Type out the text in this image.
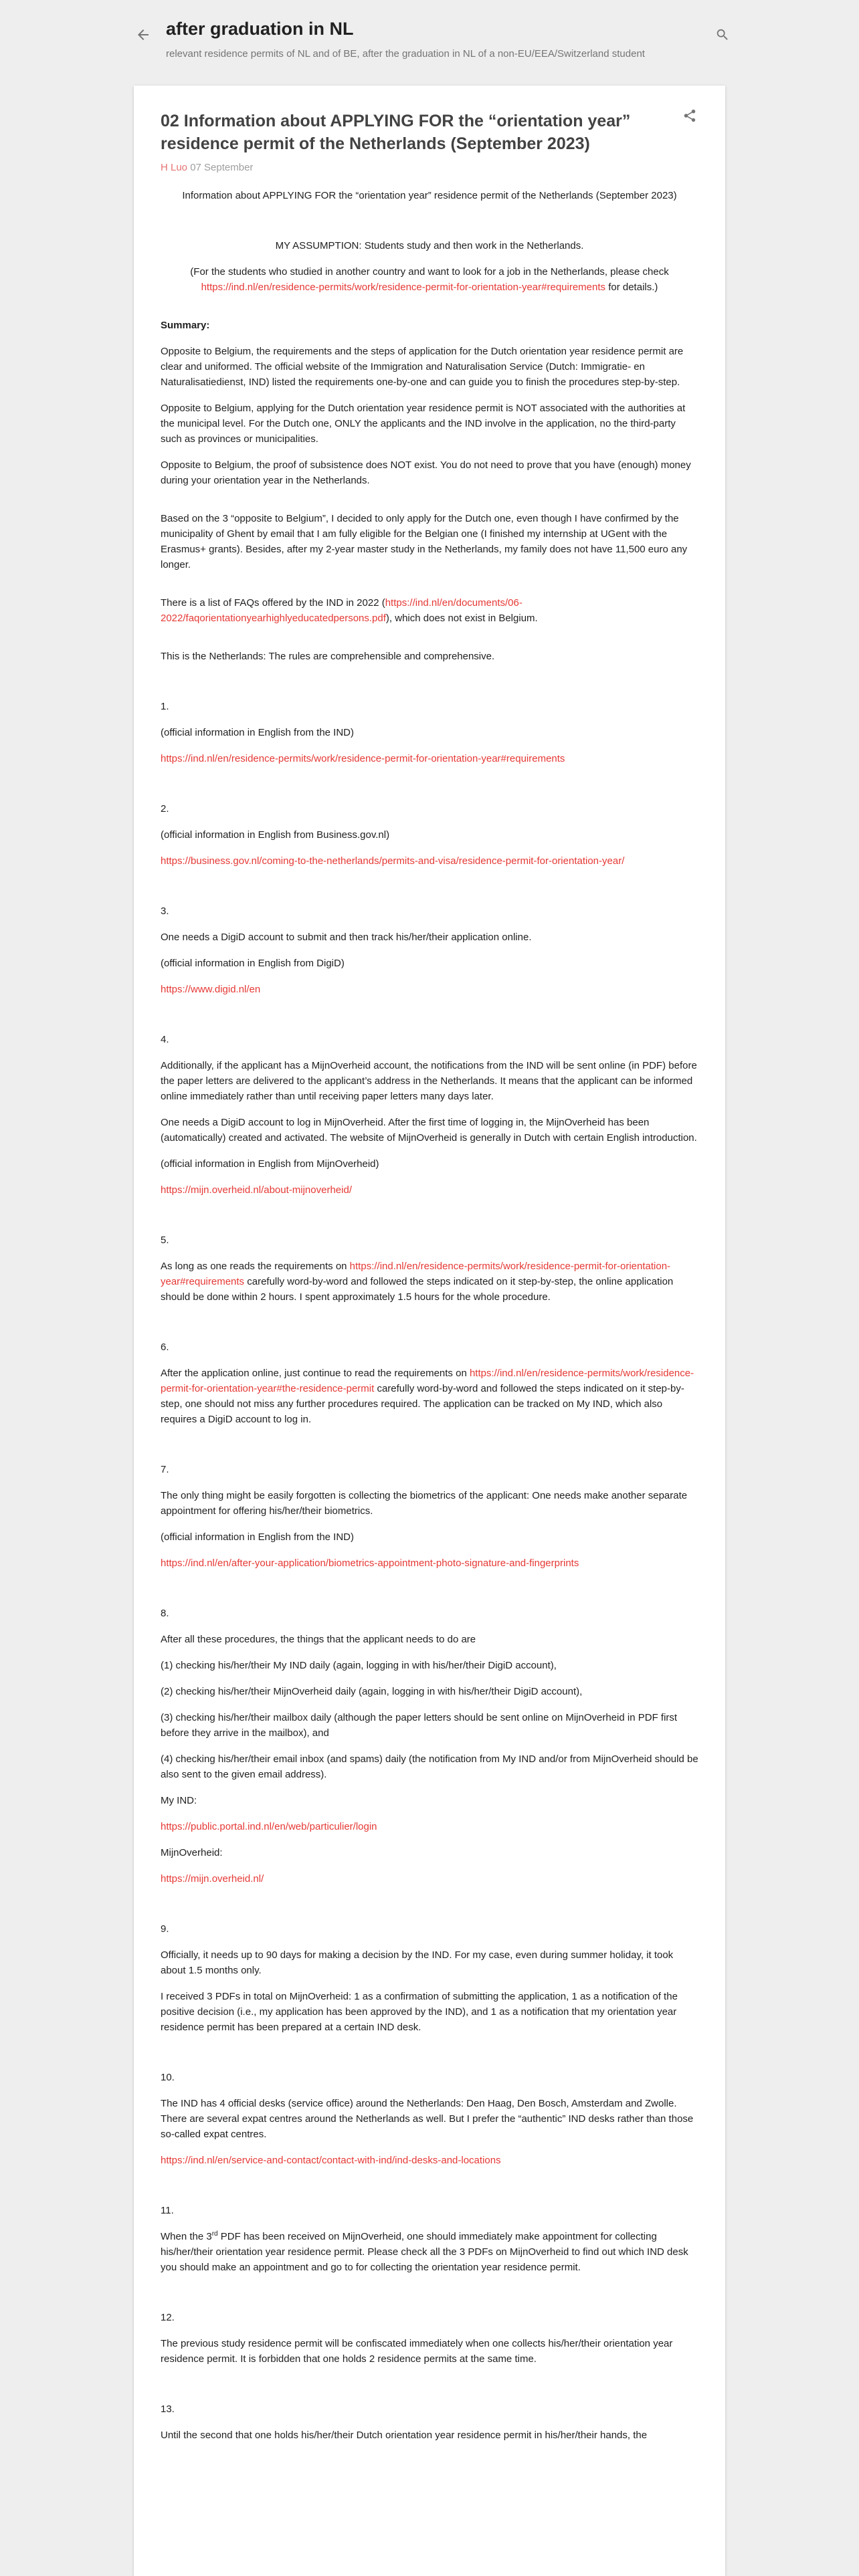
after graduation in NL
relevant residence permits of NL and of BE, after the graduation in NL of a non-EU/EEA/Switzerland student
02 Information about APPLYING FOR the “orientation year” residence permit of the Netherlands (September 2023)
H Luo 07 September

Information about APPLYING FOR the “orientation year” residence permit of the Netherlands (September 2023)

MY ASSUMPTION: Students study and then work in the Netherlands.

(For the students who studied in another country and want to look for a job in the Netherlands, please check https://ind.nl/en/residence-permits/work/residence-permit-for-orientation-year#requirements for details.)

Summary:

Opposite to Belgium, the requirements and the steps of application for the Dutch orientation year residence permit are clear and uniformed. The official website of the Immigration and Naturalisation Service (Dutch: Immigratie- en Naturalisatiedienst, IND) listed the requirements one-by-one and can guide you to finish the procedures step-by-step.

Opposite to Belgium, applying for the Dutch orientation year residence permit is NOT associated with the authorities at the municipal level. For the Dutch one, ONLY the applicants and the IND involve in the application, no the third-party such as provinces or municipalities.

Opposite to Belgium, the proof of subsistence does NOT exist. You do not need to prove that you have (enough) money during your orientation year in the Netherlands.

Based on the 3 “opposite to Belgium”, I decided to only apply for the Dutch one, even though I have confirmed by the municipality of Ghent by email that I am fully eligible for the Belgian one (I finished my internship at UGent with the Erasmus+ grants). Besides, after my 2-year master study in the Netherlands, my family does not have 11,500 euro any longer.

There is a list of FAQs offered by the IND in 2022 (https://ind.nl/en/documents/06-2022/faqorientationyearhighlyeducatedpersons.pdf), which does not exist in Belgium.

This is the Netherlands: The rules are comprehensible and comprehensive.

1.

(official information in English from the IND)

https://ind.nl/en/residence-permits/work/residence-permit-for-orientation-year#requirements

2.

(official information in English from Business.gov.nl)

https://business.gov.nl/coming-to-the-netherlands/permits-and-visa/residence-permit-for-orientation-year/

3.

One needs a DigiD account to submit and then track his/her/their application online.

(official information in English from DigiD)

https://www.digid.nl/en

4.

Additionally, if the applicant has a MijnOverheid account, the notifications from the IND will be sent online (in PDF) before the paper letters are delivered to the applicant’s address in the Netherlands. It means that the applicant can be informed online immediately rather than until receiving paper letters many days later.

One needs a DigiD account to log in MijnOverheid. After the first time of logging in, the MijnOverheid has been (automatically) created and activated. The website of MijnOverheid is generally in Dutch with certain English introduction.

(official information in English from MijnOverheid)

https://mijn.overheid.nl/about-mijnoverheid/

5.

As long as one reads the requirements on https://ind.nl/en/residence-permits/work/residence-permit-for-orientation-year#requirements carefully word-by-word and followed the steps indicated on it step-by-step, the online application should be done within 2 hours. I spent approximately 1.5 hours for the whole procedure.

6.

After the application online, just continue to read the requirements on https://ind.nl/en/residence-permits/work/residence-permit-for-orientation-year#the-residence-permit carefully word-by-word and followed the steps indicated on it step-by-step, one should not miss any further procedures required. The application can be tracked on My IND, which also requires a DigiD account to log in.

7.

The only thing might be easily forgotten is collecting the biometrics of the applicant: One needs make another separate appointment for offering his/her/their biometrics.

(official information in English from the IND)

https://ind.nl/en/after-your-application/biometrics-appointment-photo-signature-and-fingerprints

8.

After all these procedures, the things that the applicant needs to do are

(1) checking his/her/their My IND daily (again, logging in with his/her/their DigiD account),

(2) checking his/her/their MijnOverheid daily (again, logging in with his/her/their DigiD account),

(3) checking his/her/their mailbox daily (although the paper letters should be sent online on MijnOverheid in PDF first before they arrive in the mailbox), and

(4) checking his/her/their email inbox (and spams) daily (the notification from My IND and/or from MijnOverheid should be also sent to the given email address).

My IND:

https://public.portal.ind.nl/en/web/particulier/login

MijnOverheid:

https://mijn.overheid.nl/

9.

Officially, it needs up to 90 days for making a decision by the IND. For my case, even during summer holiday, it took about 1.5 months only.

I received 3 PDFs in total on MijnOverheid: 1 as a confirmation of submitting the application, 1 as a notification of the positive decision (i.e., my application has been approved by the IND), and 1 as a notification that my orientation year residence permit has been prepared at a certain IND desk.

10.

The IND has 4 official desks (service office) around the Netherlands: Den Haag, Den Bosch, Amsterdam and Zwolle. There are several expat centres around the Netherlands as well. But I prefer the “authentic” IND desks rather than those so-called expat centres.

https://ind.nl/en/service-and-contact/contact-with-ind/ind-desks-and-locations

11.

When the 3rd PDF has been received on MijnOverheid, one should immediately make appointment for collecting his/her/their orientation year residence permit. Please check all the 3 PDFs on MijnOverheid to find out which IND desk you should make an appointment and go to for collecting the orientation year residence permit.

12.

The previous study residence permit will be confiscated immediately when one collects his/her/their orientation year residence permit. It is forbidden that one holds 2 residence permits at the same time.

13.

Until the second that one holds his/her/their Dutch orientation year residence permit in his/her/their hands, the
